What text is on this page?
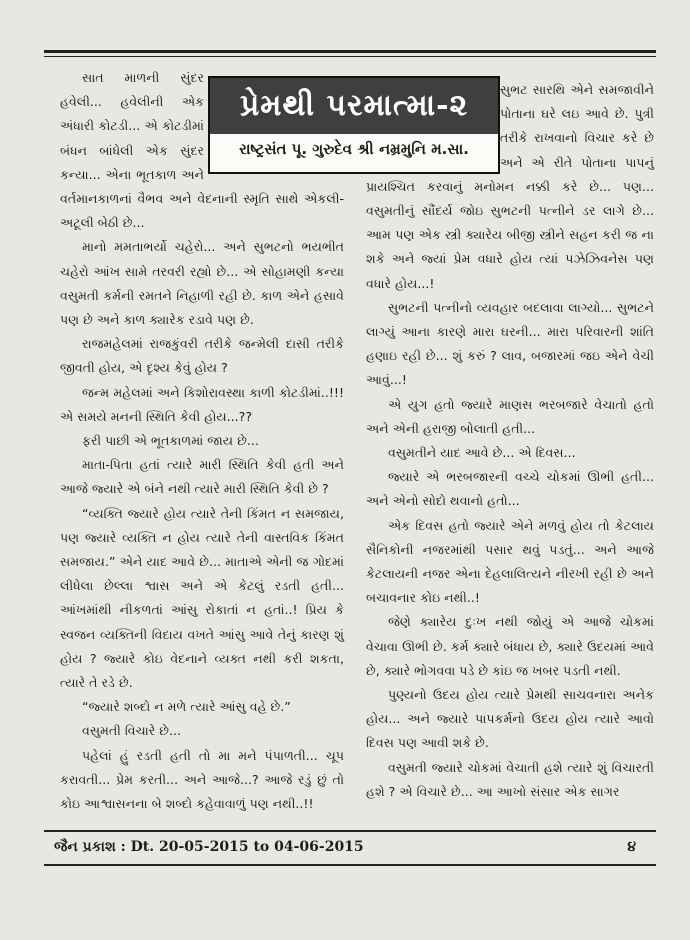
પ્રેમથી પરમાત્મા-૨
રાષ્ટ્રસંત પૂ. ગુરુદેવ શ્રી નમ્રમુનિ મ.સા.

સાત માળની સુંદર હવેલી... હવેલીની એક અંધારી કોટડી... એ કોટડીમાં બંધન બાંધેલી એક સુંદર કન્યા... એના ભૂતકાળ અને વર્તમાનકાળનાં વૈભવ અને વેદનાની સ્મૃતિ સાથે એકલી-અટૂલી બેઠી છે...

માનો મમતાભર્યો ચહેરો... અને સુભટનો ભયભીત ચહેરો આંખ સામે તરવરી રહ્યો છે... એ સોહામણી કન્યા વસુમતી કર્મની રમતને નિહાળી રહી છે. કાળ એને હસાવે પણ છે અને કાળ ક્યારેક રડાવે પણ છે.

રાજમહેલમાં રાજકુંવરી તરીકે જન્મેલી દાસી તરીકે જીવતી હોય, એ દૃશ્ય કેવું હોય ?

જન્મ મહેલમાં અને કિશોરાવસ્થા કાળી કોટડીમાં..!!! એ સમયે મનની સ્થિતિ કેવી હોય...??

ફરી પાછી એ ભૂતકાળમાં જાય છે...

માતા-પિતા હતાં ત્યારે મારી સ્થિતિ કેવી હતી અને આજે જ્યારે એ બંને નથી ત્યારે મારી સ્થિતિ કેવી છે ?

“વ્યક્તિ જ્યારે હોય ત્યારે તેની કિંમત ન સમજાય, પણ જ્યારે વ્યક્તિ ન હોય ત્યારે તેની વાસ્તવિક કિંમત સમજાય.” એને યાદ આવે છે... માતાએ એની જ ગોદમાં લીધેલા છેલ્લા શ્વાસ અને એ કેટલું રડતી હતી... આંખમાંથી નીકળતાં આંસુ રોકાતાં ન હતાં..! પ્રિય કે સ્વજન વ્યક્તિની વિદાય વખતે આંસુ આવે તેનું કારણ શું હોય ? જ્યારે કોઇ વેદનાને વ્યક્ત નથી કરી શકતા, ત્યારે તે રડે છે.

“જ્યારે શબ્દો ન મળે ત્યારે આંસુ વહે છે.”

વસુમતી વિચારે છે...

પહેલાં હું રડતી હતી તો મા મને પંપાળતી... ચૂપ કરાવતી... પ્રેમ કરતી... અને આજે...? આજે રડું છું તો કોઇ આશ્વાસનના બે શબ્દો કહેવાવાળું પણ નથી..!!

સુભટ સારથિ એને સમજાવીને પોતાના ઘરે લઇ આવે છે. પુત્રી તરીકે રાખવાનો વિચાર કરે છે અને એ રીતે પોતાના પાપનું પ્રાયશ્ચિત કરવાનું મનોમન નક્કી કરે છે... પણ... વસુમતીનું સૌંદર્ય જોઇ સુભટની પત્નીને ડર લાગે છે... આમ પણ એક સ્ત્રી ક્યારેય બીજી સ્ત્રીને સહન કરી જ ના શકે અને જ્યાં પ્રેમ વધારે હોય ત્યાં પઝેઝિવનેસ પણ વધારે હોય...!

સુભટની પત્નીનો વ્યવહાર બદલાવા લાગ્યો... સુભટને લાગ્યું આના કારણે મારા ઘરની... મારા પરિવારની શાંતિ હણાઇ રહી છે... શું કરું ? લાવ, બજારમાં જઇ એને વેચી આવું...!

એ યુગ હતો જ્યારે માણસ ભરબજારે વેચાતો હતો અને એની હરાજી બોલાતી હતી...

વસુમતીને યાદ આવે છે... એ દિવસ...

જ્યારે એ ભરબજારની વચ્ચે ચોકમાં ઊભી હતી... અને એનો સોદો થવાનો હતો...

એક દિવસ હતો જ્યારે એને મળવું હોય તો કેટલાય સૈનિકોની નજરમાંથી પસાર થવું પડતું... અને આજે કેટલાયની નજર એના દેહલાલિત્યને નીરખી રહી છે અને બચાવનાર કોઇ નથી..!

જેણે ક્યારેય દુઃખ નથી જોયું એ આજે ચોકમાં વેચાવા ઊભી છે. કર્મ ક્યારે બંધાય છે, ક્યારે ઉદયમાં આવે છે, ક્યારે ભોગવવા પડે છે કાંઇ જ ખબર પડતી નથી.

પુણ્યનો ઉદય હોય ત્યારે પ્રેમથી સાચવનારા અનેક હોય... અને જ્યારે પાપકર્મનો ઉદય હોય ત્યારે આવો દિવસ પણ આવી શકે છે.

વસુમતી જ્યારે ચોકમાં વેચાતી હશે ત્યારે શું વિચારતી હશે ? એ વિચારે છે... આ આખો સંસાર એક સાગર

જૈન પ્રકાશ : Dt. 20-05-2015 to 04-06-2015	૪
